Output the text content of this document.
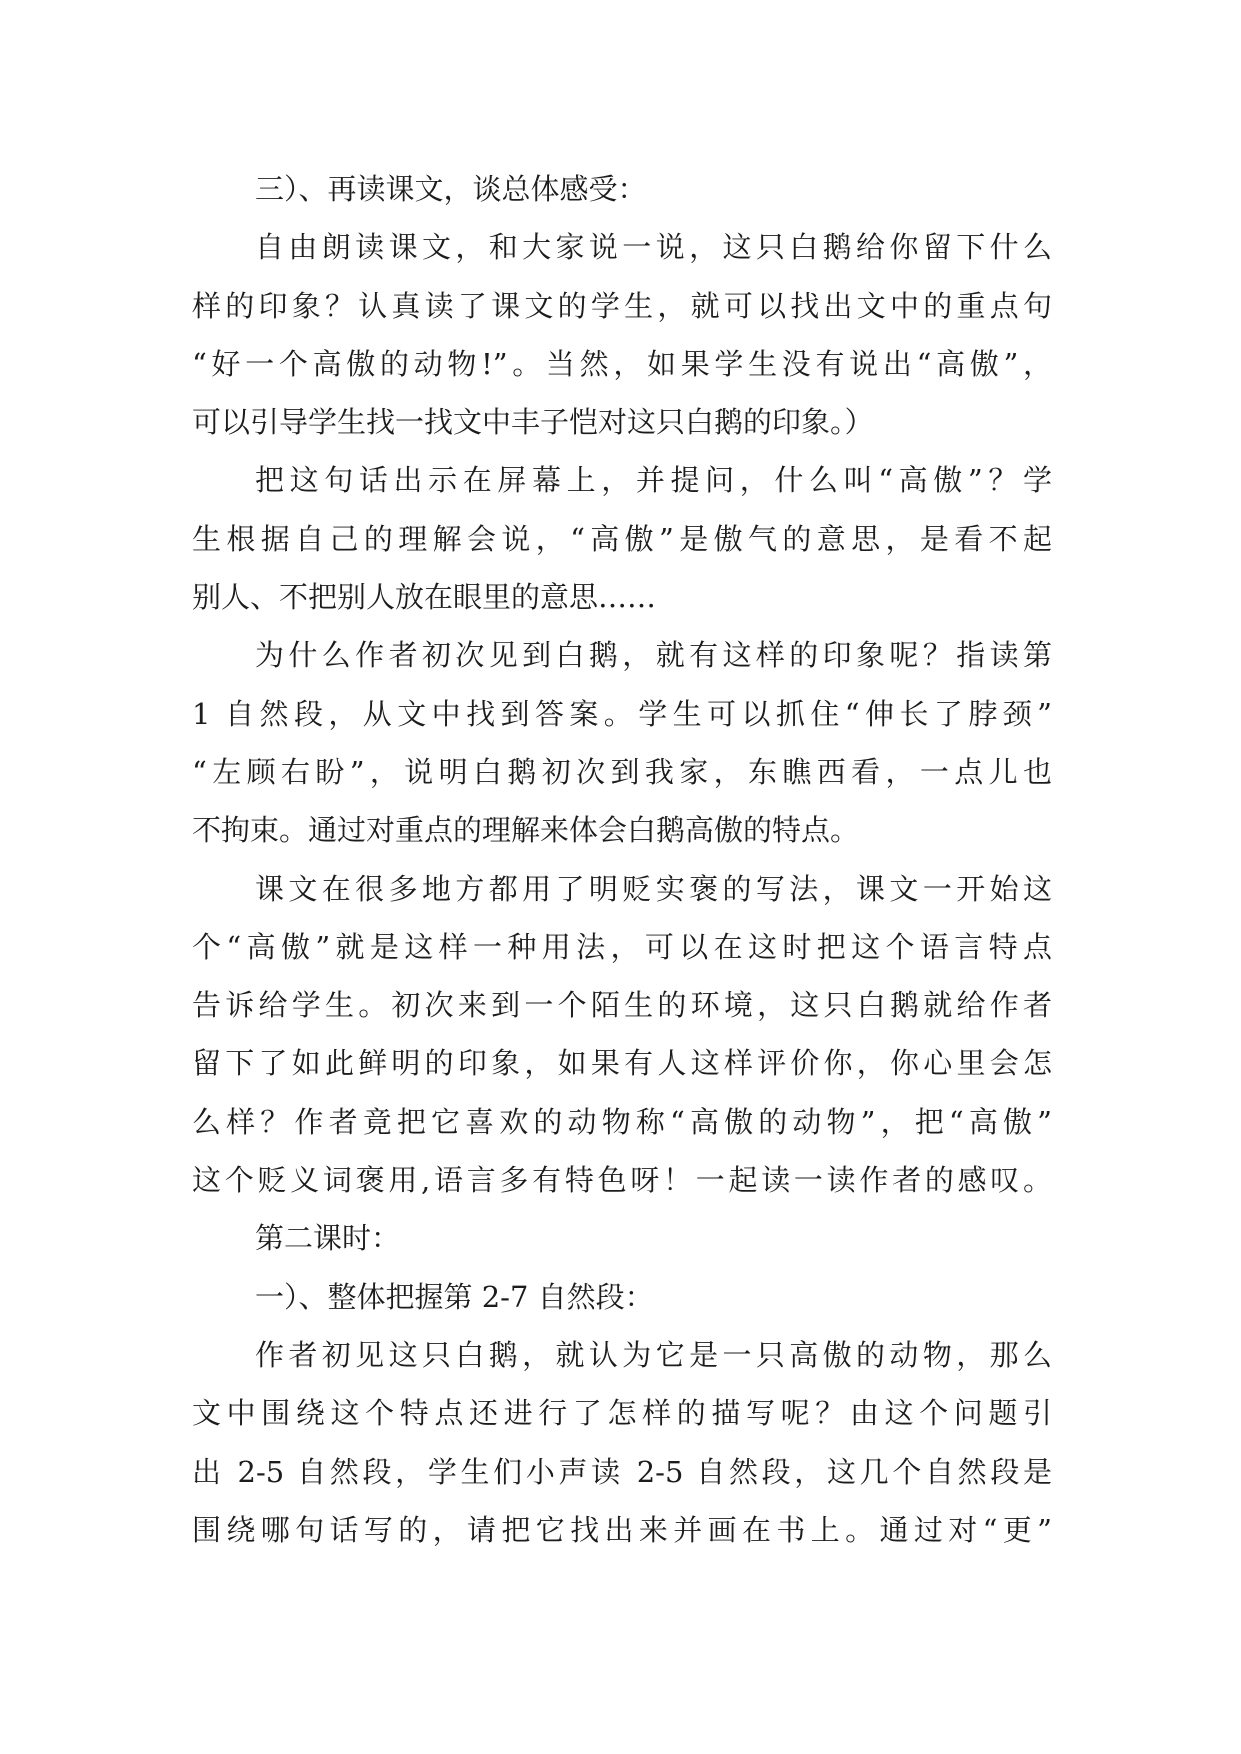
三）、再读课文，谈总体感受：
自由朗读课文，和大家说一说，这只白鹅给你留下什么
样的印象？认真读了课文的学生，就可以找出文中的重点句
“好一个高傲的动物!”。当然，如果学生没有说出“高傲”，
可以引导学生找一找文中丰子恺对这只白鹅的印象。）
把这句话出示在屏幕上，并提问，什么叫“高傲”？学
生根据自己的理解会说，“高傲”是傲气的意思，是看不起
别人、不把别人放在眼里的意思……
为什么作者初次见到白鹅，就有这样的印象呢？指读第
1 自然段，从文中找到答案。学生可以抓住“伸长了脖颈”
“左顾右盼”，说明白鹅初次到我家，东瞧西看，一点儿也
不拘束。通过对重点的理解来体会白鹅高傲的特点。
课文在很多地方都用了明贬实褒的写法，课文一开始这
个“高傲”就是这样一种用法，可以在这时把这个语言特点
告诉给学生。初次来到一个陌生的环境，这只白鹅就给作者
留下了如此鲜明的印象，如果有人这样评价你，你心里会怎
么样？作者竟把它喜欢的动物称“高傲的动物”，把“高傲”
这个贬义词褒用,语言多有特色呀！一起读一读作者的感叹。
第二课时：
一）、整体把握第 2-7 自然段：
作者初见这只白鹅，就认为它是一只高傲的动物，那么
文中围绕这个特点还进行了怎样的描写呢？由这个问题引
出 2-5 自然段，学生们小声读 2-5 自然段，这几个自然段是
围绕哪句话写的，请把它找出来并画在书上。通过对“更”
